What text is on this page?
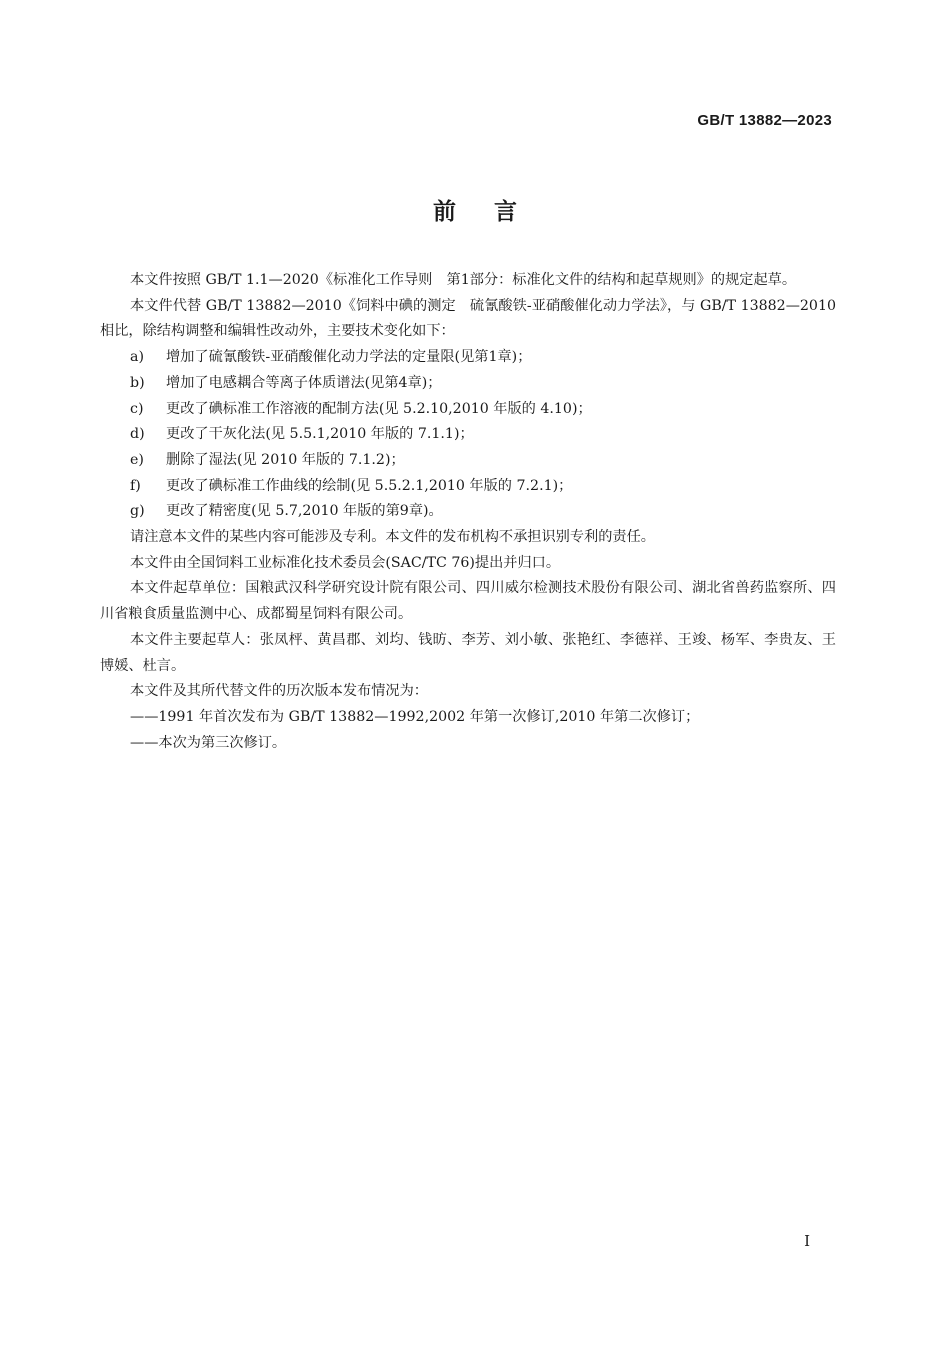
GB/T 13882—2023
前言

本文件按照 GB/T 1.1—2020《标准化工作导则　第1部分：标准化文件的结构和起草规则》的规定起草。

本文件代替 GB/T 13882—2010《饲料中碘的测定　硫氰酸铁-亚硝酸催化动力学法》，与 GB/T 13882—2010 相比，除结构调整和编辑性改动外，主要技术变化如下：

a) 增加了硫氰酸铁-亚硝酸催化动力学法的定量限(见第1章)；
b) 增加了电感耦合等离子体质谱法(见第4章)；
c) 更改了碘标准工作溶液的配制方法(见 5.2.10,2010 年版的 4.10)；
d) 更改了干灰化法(见 5.5.1,2010 年版的 7.1.1)；
e) 删除了湿法(见 2010 年版的 7.1.2)；
f) 更改了碘标准工作曲线的绘制(见 5.5.2.1,2010 年版的 7.2.1)；
g) 更改了精密度(见 5.7,2010 年版的第9章)。

请注意本文件的某些内容可能涉及专利。本文件的发布机构不承担识别专利的责任。

本文件由全国饲料工业标准化技术委员会(SAC/TC 76)提出并归口。

本文件起草单位：国粮武汉科学研究设计院有限公司、四川威尔检测技术股份有限公司、湖北省兽药监察所、四川省粮食质量监测中心、成都蜀星饲料有限公司。

本文件主要起草人：张凤枰、黄昌郡、刘均、钱昉、李芳、刘小敏、张艳红、李德祥、王竣、杨军、李贵友、王博媛、杜言。

本文件及其所代替文件的历次版本发布情况为：

——1991 年首次发布为 GB/T 13882—1992,2002 年第一次修订,2010 年第二次修订；

——本次为第三次修订。

I
